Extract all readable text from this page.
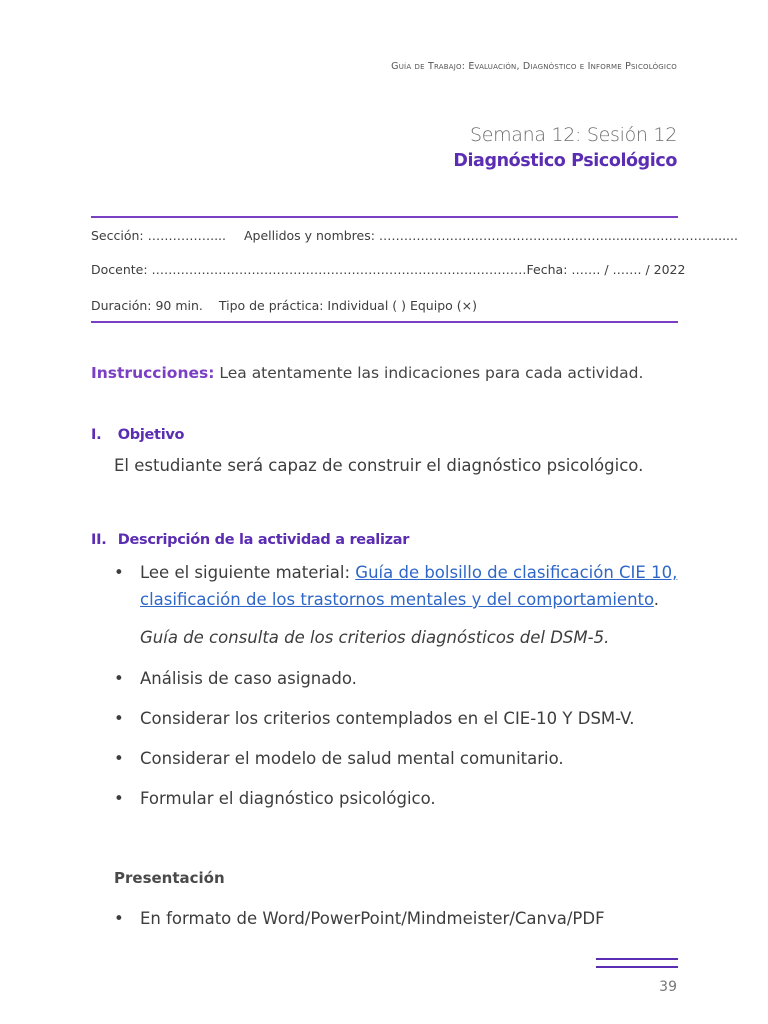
Guía de Trabajo: Evaluación, Diagnóstico e Informe Psicológico
Semana 12: Sesión 12
Diagnóstico Psicológico
Sección: …………….... Apellidos y nombres: ………………………………………………..........……………........
Docente: ……………………………………………………………………………… Fecha: ……. / ……. / 2022
Duración: 90 min. Tipo de práctica: Individual ( ) Equipo (×)
Instrucciones: Lea atentamente las indicaciones para cada actividad.
I. Objetivo
El estudiante será capaz de construir el diagnóstico psicológico.
II. Descripción de la actividad a realizar
• Lee el siguiente material: Guía de bolsillo de clasificación CIE 10,
clasificación de los trastornos mentales y del comportamiento.
Guía de consulta de los criterios diagnósticos del DSM-5.
• Análisis de caso asignado.
• Considerar los criterios contemplados en el CIE-10 Y DSM-V.
• Considerar el modelo de salud mental comunitario.
• Formular el diagnóstico psicológico.
Presentación
• En formato de Word/PowerPoint/Mindmeister/Canva/PDF
39
